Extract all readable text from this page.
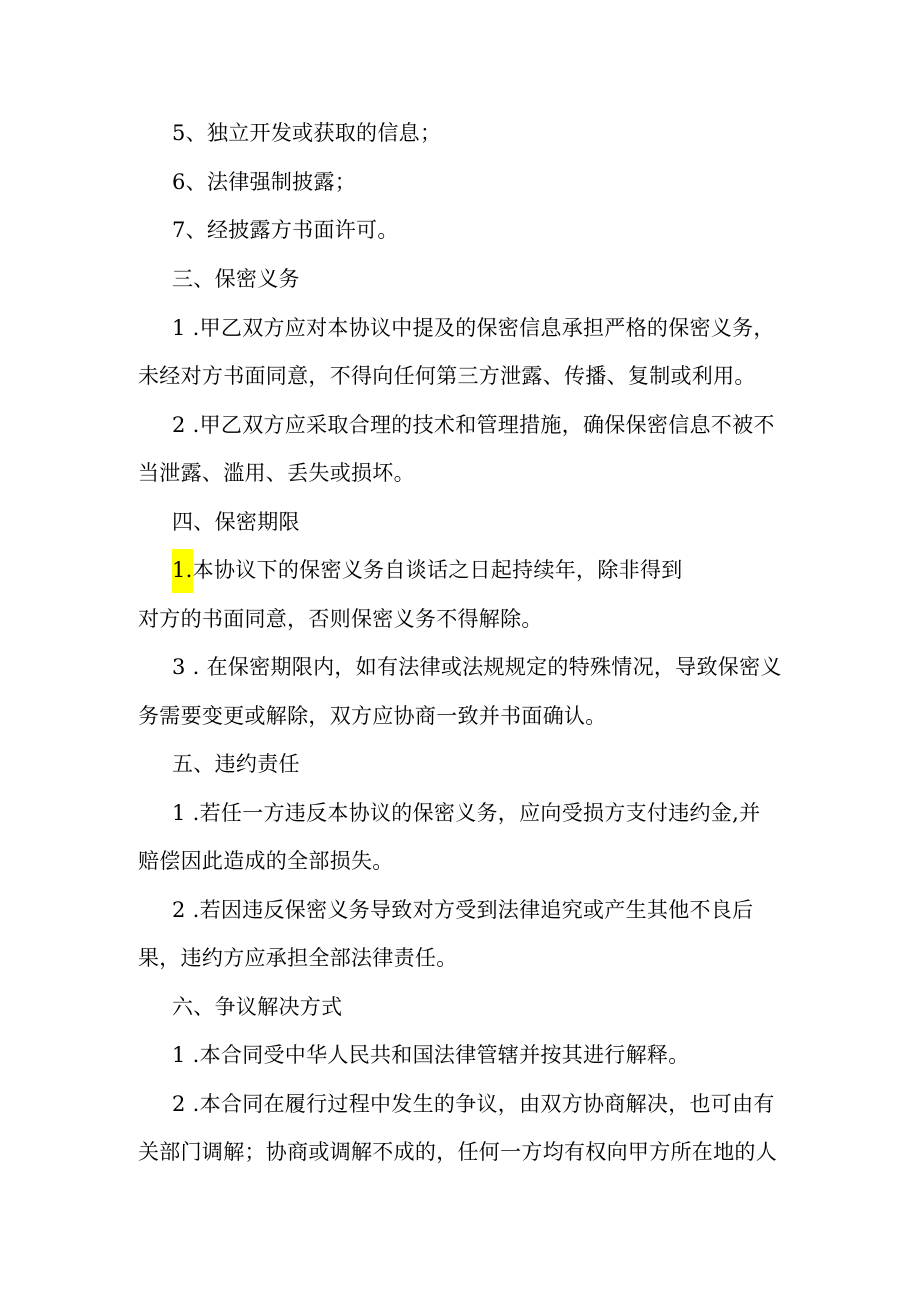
5、独立开发或获取的信息；
6、法律强制披露；
7、经披露方书面许可。
三、保密义务
1 .甲乙双方应对本协议中提及的保密信息承担严格的保密义务，
未经对方书面同意，不得向任何第三方泄露、传播、复制或利用。
2 .甲乙双方应采取合理的技术和管理措施，确保保密信息不被不
当泄露、滥用、丢失或损坏。
四、保密期限
1.本协议下的保密义务自谈话之日起持续年，除非得到
对方的书面同意，否则保密义务不得解除。
3 . 在保密期限内，如有法律或法规规定的特殊情况，导致保密义
务需要变更或解除，双方应协商一致并书面确认。
五、违约责任
1 .若任一方违反本协议的保密义务，应向受损方支付违约金,并
赔偿因此造成的全部损失。
2 .若因违反保密义务导致对方受到法律追究或产生其他不良后
果，违约方应承担全部法律责任。
六、争议解决方式
1 .本合同受中华人民共和国法律管辖并按其进行解释。
2 .本合同在履行过程中发生的争议，由双方协商解决，也可由有
关部门调解；协商或调解不成的，任何一方均有权向甲方所在地的人
